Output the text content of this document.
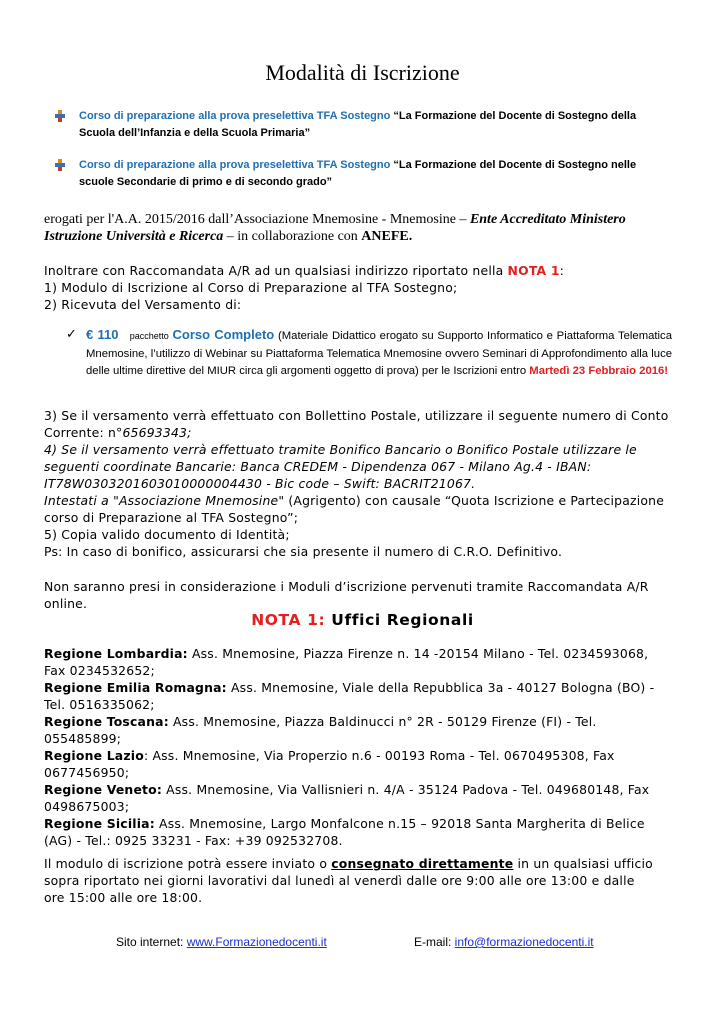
Modalità di Iscrizione
Corso di preparazione alla prova preselettiva TFA Sostegno “La Formazione del Docente di Sostegno della
Scuola dell’Infanzia e della Scuola Primaria”
Corso di preparazione alla prova preselettiva TFA Sostegno “La Formazione del Docente di Sostegno nelle
scuole Secondarie di primo e di secondo grado”
erogati per l'A.A. 2015/2016 dall’Associazione Mnemosine - Mnemosine – Ente Accreditato Ministero
Istruzione Università e Ricerca – in collaborazione con ANEFE.
Inoltrare con Raccomandata A/R ad un qualsiasi indirizzo riportato nella NOTA 1:
1) Modulo di Iscrizione al Corso di Preparazione al TFA Sostegno;
2) Ricevuta del Versamento di:
✓ € 110 pacchetto Corso Completo (Materiale Didattico erogato su Supporto Informatico e Piattaforma Telematica Mnemosine, l’utilizzo di Webinar su Piattaforma Telematica Mnemosine ovvero Seminari di Approfondimento alla luce delle ultime direttive del MIUR circa gli argomenti oggetto di prova) per le Iscrizioni entro Martedì 23 Febbraio 2016!
3) Se il versamento verrà effettuato con Bollettino Postale, utilizzare il seguente numero di Conto
Corrente: n°65693343;
4) Se il versamento verrà effettuato tramite Bonifico Bancario o Bonifico Postale utilizzare le
seguenti coordinate Bancarie: Banca CREDEM - Dipendenza 067 - Milano Ag.4 - IBAN:
IT78W0303201603010000004430 - Bic code – Swift: BACRIT21067.
Intestati a "Associazione Mnemosine" (Agrigento) con causale “Quota Iscrizione e Partecipazione
corso di Preparazione al TFA Sostegno”;
5) Copia valido documento di Identità;
Ps: In caso di bonifico, assicurarsi che sia presente il numero di C.R.O. Definitivo.
Non saranno presi in considerazione i Moduli d’iscrizione pervenuti tramite Raccomandata A/R
online.
NOTA 1: Uffici Regionali
Regione Lombardia: Ass. Mnemosine, Piazza Firenze n. 14 -20154 Milano - Tel. 0234593068,
Fax 0234532652;
Regione Emilia Romagna: Ass. Mnemosine, Viale della Repubblica 3a - 40127 Bologna (BO) -
Tel. 0516335062;
Regione Toscana: Ass. Mnemosine, Piazza Baldinucci n° 2R - 50129 Firenze (FI) - Tel.
055485899;
Regione Lazio: Ass. Mnemosine, Via Properzio n.6 - 00193 Roma - Tel. 0670495308, Fax
0677456950;
Regione Veneto: Ass. Mnemosine, Via Vallisnieri n. 4/A - 35124 Padova - Tel. 049680148, Fax
0498675003;
Regione Sicilia: Ass. Mnemosine, Largo Monfalcone n.15 – 92018 Santa Margherita di Belice
(AG) - Tel.: 0925 33231 - Fax: +39 092532708.
Il modulo di iscrizione potrà essere inviato o consegnato direttamente in un qualsiasi ufficio
sopra riportato nei giorni lavorativi dal lunedì al venerdì dalle ore 9:00 alle ore 13:00 e dalle
ore 15:00 alle ore 18:00.
Sito internet: www.Formazionedocenti.it	E-mail: info@formazionedocenti.it
